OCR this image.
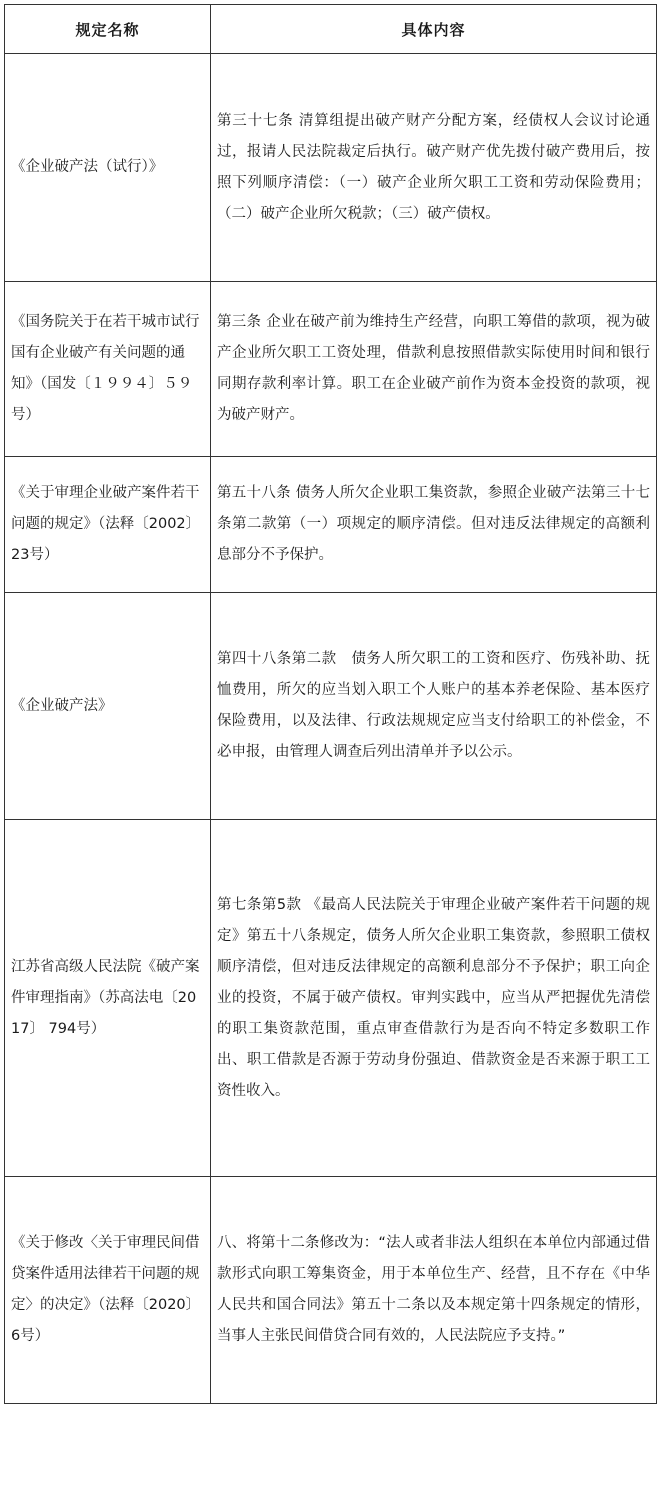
规定名称	具体内容
《企业破产法（试行）》	第三十七条 清算组提出破产财产分配方案，经债权人会议讨论通过，报请人民法院裁定后执行。破产财产优先拨付破产费用后，按照下列顺序清偿：（一）破产企业所欠职工工资和劳动保险费用；（二）破产企业所欠税款；（三）破产债权。
《国务院关于在若干城市试行国有企业破产有关问题的通知》（国发〔１９９４〕５９号）	第三条 企业在破产前为维持生产经营，向职工筹借的款项，视为破产企业所欠职工工资处理，借款利息按照借款实际使用时间和银行同期存款利率计算。职工在企业破产前作为资本金投资的款项，视为破产财产。
《关于审理企业破产案件若干问题的规定》（法释〔2002〕23号）	第五十八条 债务人所欠企业职工集资款，参照企业破产法第三十七条第二款第（一）项规定的顺序清偿。但对违反法律规定的高额利息部分不予保护。
《企业破产法》	第四十八条第二款　债务人所欠职工的工资和医疗、伤残补助、抚恤费用，所欠的应当划入职工个人账户的基本养老保险、基本医疗保险费用，以及法律、行政法规规定应当支付给职工的补偿金，不必申报，由管理人调查后列出清单并予以公示。
江苏省高级人民法院《破产案件审理指南》（苏高法电〔2017〕 794号）	第七条第5款 《最高人民法院关于审理企业破产案件若干问题的规定》第五十八条规定，债务人所欠企业职工集资款，参照职工债权顺序清偿，但对违反法律规定的高额利息部分不予保护；职工向企业的投资，不属于破产债权。审判实践中，应当从严把握优先清偿的职工集资款范围，重点审查借款行为是否向不特定多数职工作出、职工借款是否源于劳动身份强迫、借款资金是否来源于职工工资性收入。
《关于修改〈关于审理民间借贷案件适用法律若干问题的规定〉的决定》（法释〔2020〕6号）	八、将第十二条修改为：“法人或者非法人组织在本单位内部通过借款形式向职工筹集资金，用于本单位生产、经营，且不存在《中华人民共和国合同法》第五十二条以及本规定第十四条规定的情形，当事人主张民间借贷合同有效的，人民法院应予支持。”
